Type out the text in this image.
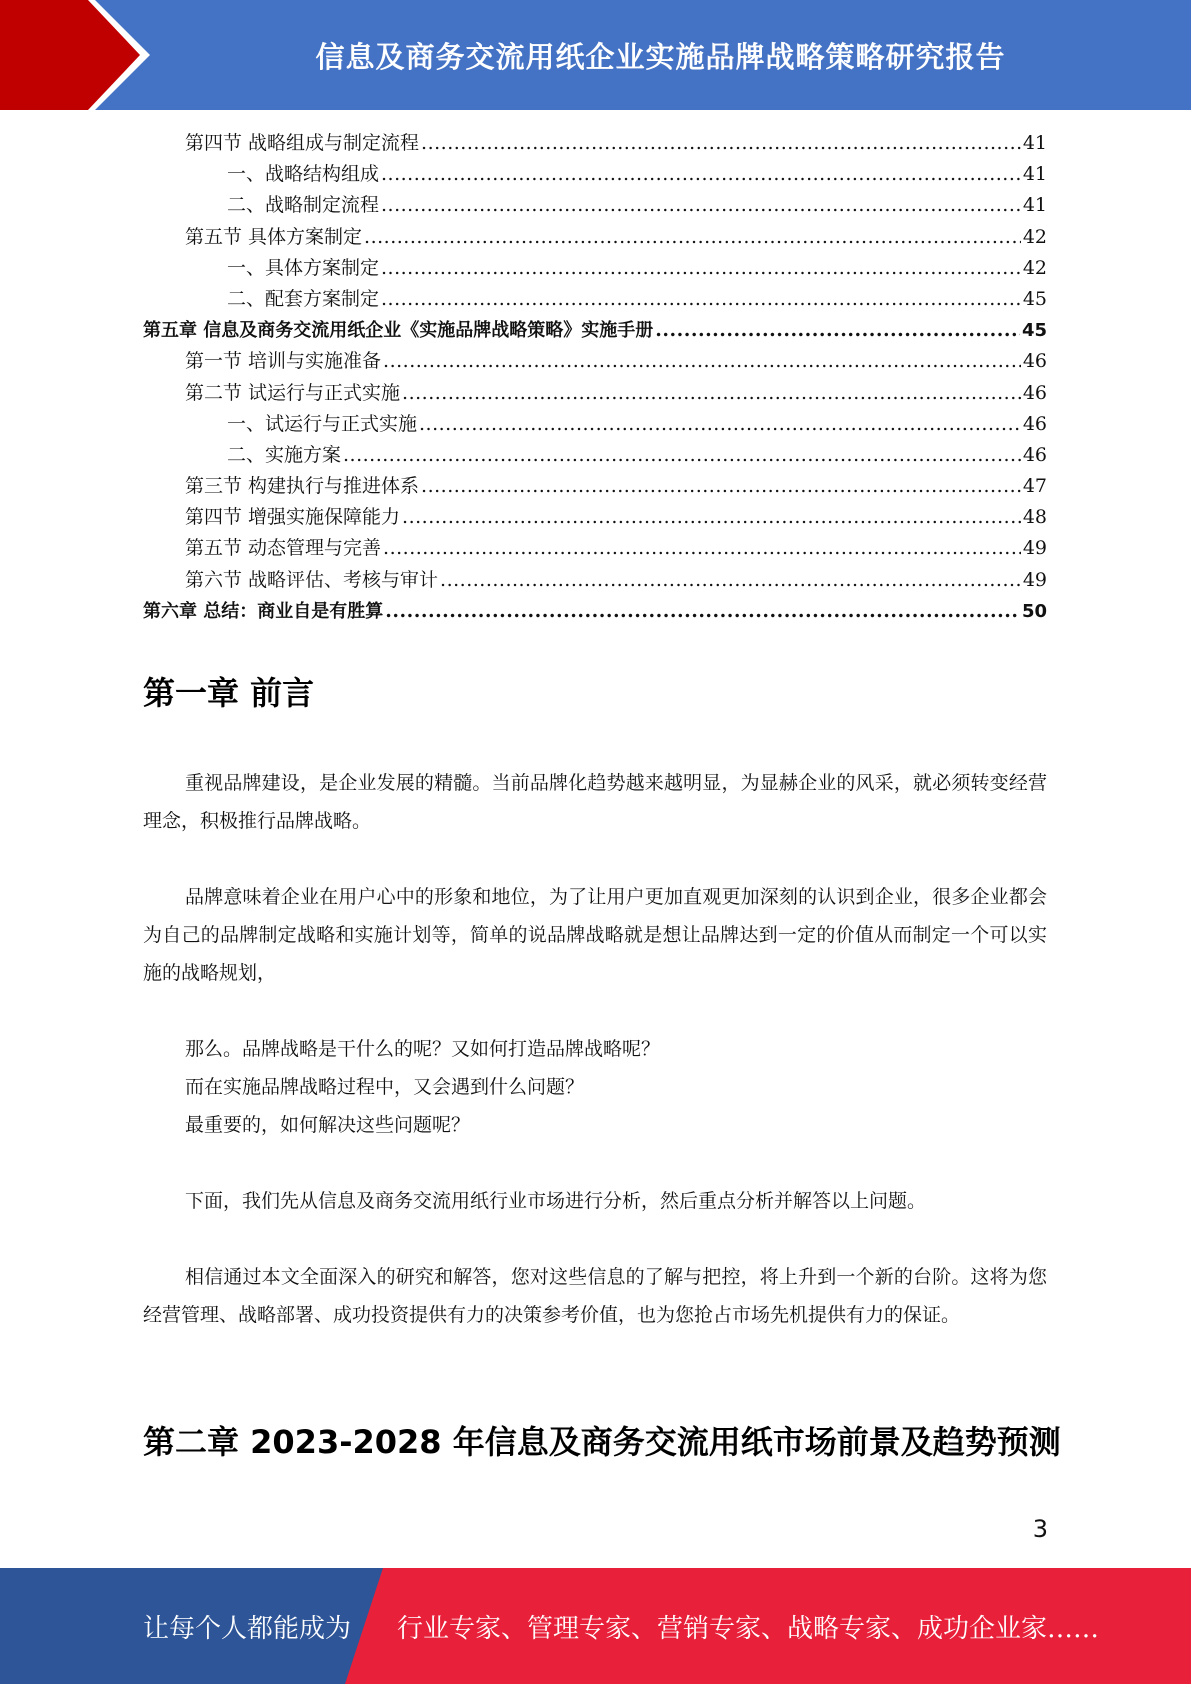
信息及商务交流用纸企业实施品牌战略策略研究报告
第四节 战略组成与制定流程 .....	41
一、战略结构组成 .....	41
二、战略制定流程 .....	41
第五节 具体方案制定 .....	42
一、具体方案制定 .....	42
二、配套方案制定 .....	45
第五章 信息及商务交流用纸企业《实施品牌战略策略》实施手册 .....	45
第一节 培训与实施准备 .....	46
第二节 试运行与正式实施 .....	46
一、试运行与正式实施 .....	46
二、实施方案 .....	46
第三节 构建执行与推进体系 .....	47
第四节 增强实施保障能力 .....	48
第五节 动态管理与完善 .....	49
第六节 战略评估、考核与审计 .....	49
第六章 总结：商业自是有胜算 .....	50
第一章 前言
重视品牌建设，是企业发展的精髓。当前品牌化趋势越来越明显，为显赫企业的风采，就必须转变经营理念，积极推行品牌战略。
品牌意味着企业在用户心中的形象和地位，为了让用户更加直观更加深刻的认识到企业，很多企业都会为自己的品牌制定战略和实施计划等，简单的说品牌战略就是想让品牌达到一定的价值从而制定一个可以实施的战略规划，
那么。品牌战略是干什么的呢？又如何打造品牌战略呢？
而在实施品牌战略过程中，又会遇到什么问题？
最重要的，如何解决这些问题呢？
下面，我们先从信息及商务交流用纸行业市场进行分析，然后重点分析并解答以上问题。
相信通过本文全面深入的研究和解答，您对这些信息的了解与把控，将上升到一个新的台阶。这将为您经营管理、战略部署、成功投资提供有力的决策参考价值，也为您抢占市场先机提供有力的保证。
第二章 2023-2028 年信息及商务交流用纸市场前景及趋势预测
3
让每个人都能成为 行业专家、管理专家、营销专家、战略专家、成功企业家……
